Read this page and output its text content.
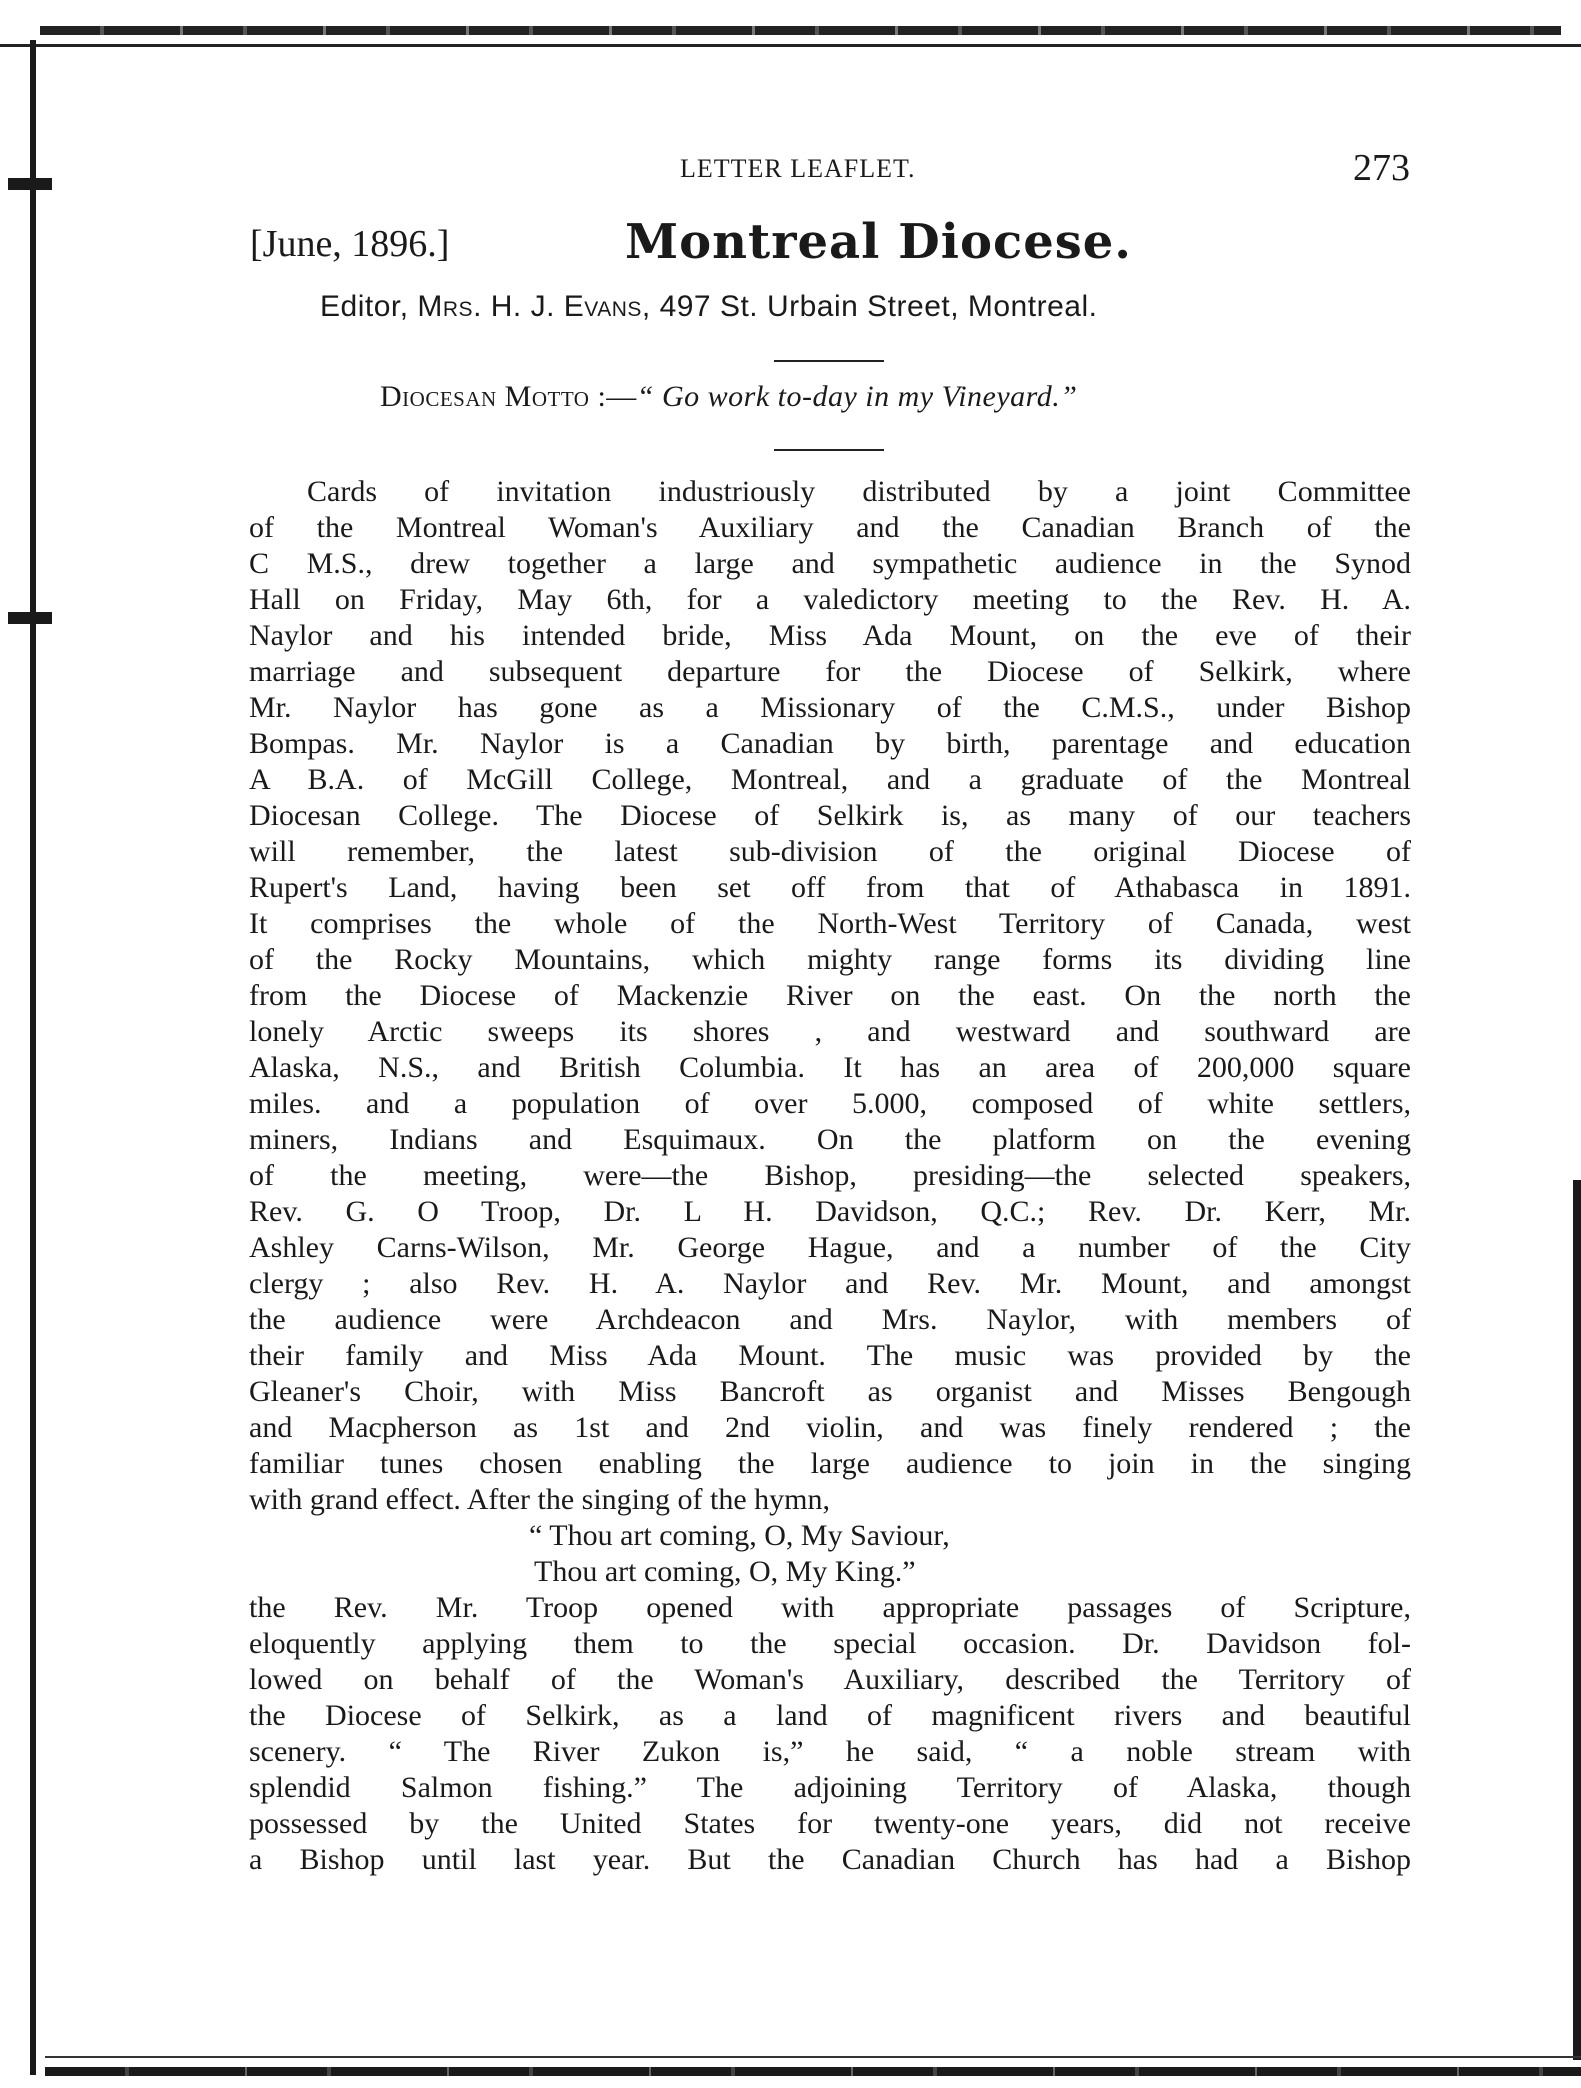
LETTER LEAFLET.	273
[June, 1896.]	Montreal Diocese.
Editor, Mrs. H. J. Evans, 497 St. Urbain Street, Montreal.
Diocesan Motto :—“ Go work to-day in my Vineyard.”
Cards of invitation industriously distributed by a joint Committee
of the Montreal Woman's Auxiliary and the Canadian Branch of the
C M.S., drew together a large and sympathetic audience in the Synod
Hall on Friday, May 6th, for a valedictory meeting to the Rev. H. A.
Naylor and his intended bride, Miss Ada Mount, on the eve of their
marriage and subsequent departure for the Diocese of Selkirk, where
Mr. Naylor has gone as a Missionary of the C.M.S., under Bishop
Bompas. Mr. Naylor is a Canadian by birth, parentage and education
A B.A. of McGill College, Montreal, and a graduate of the Montreal
Diocesan College. The Diocese of Selkirk is, as many of our teachers
will remember, the latest sub-division of the original Diocese of
Rupert's Land, having been set off from that of Athabasca in 1891.
It comprises the whole of the North-West Territory of Canada, west
of the Rocky Mountains, which mighty range forms its dividing line
from the Diocese of Mackenzie River on the east. On the north the
lonely Arctic sweeps its shores , and westward and southward are
Alaska, N.S., and British Columbia. It has an area of 200,000 square
miles. and a population of over 5.000, composed of white settlers,
miners, Indians and Esquimaux. On the platform on the evening
of the meeting, were—the Bishop, presiding—the selected speakers,
Rev. G. O Troop, Dr. L H. Davidson, Q.C.; Rev. Dr. Kerr, Mr.
Ashley Carns-Wilson, Mr. George Hague, and a number of the City
clergy ; also Rev. H. A. Naylor and Rev. Mr. Mount, and amongst
the audience were Archdeacon and Mrs. Naylor, with members of
their family and Miss Ada Mount. The music was provided by the
Gleaner's Choir, with Miss Bancroft as organist and Misses Bengough
and Macpherson as 1st and 2nd violin, and was finely rendered ; the
familiar tunes chosen enabling the large audience to join in the singing
with grand effect. After the singing of the hymn,
“ Thou art coming, O, My Saviour,
Thou art coming, O, My King.”
the Rev. Mr. Troop opened with appropriate passages of Scripture,
eloquently applying them to the special occasion. Dr. Davidson fol-
lowed on behalf of the Woman's Auxiliary, described the Territory of
the Diocese of Selkirk, as a land of magnificent rivers and beautiful
scenery. “ The River Zukon is,” he said, “ a noble stream with
splendid Salmon fishing.” The adjoining Territory of Alaska, though
possessed by the United States for twenty-one years, did not receive
a Bishop until last year. But the Canadian Church has had a Bishop
